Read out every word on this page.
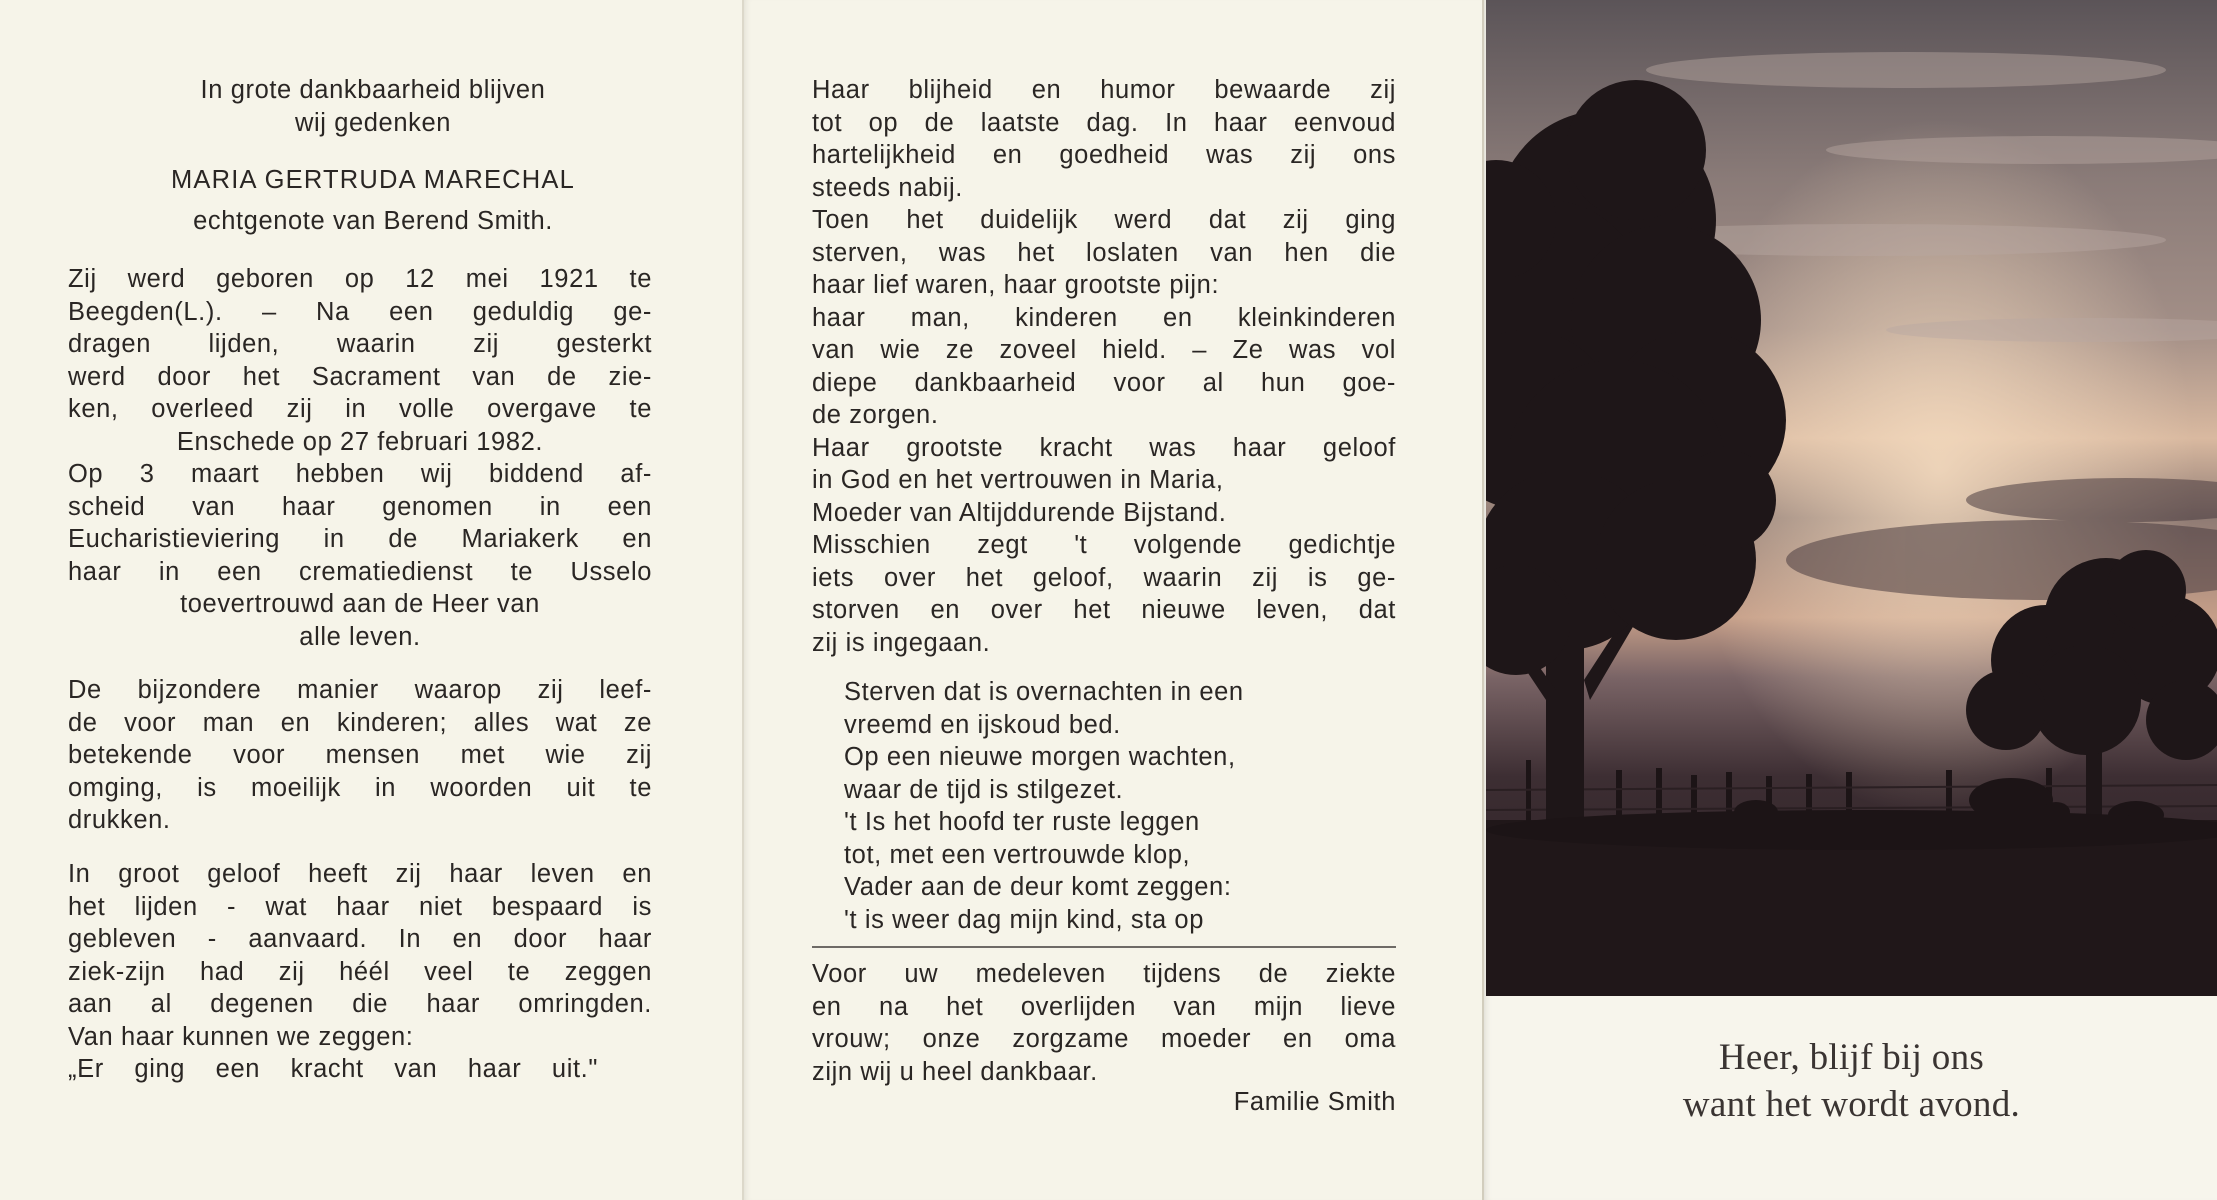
In grote dankbaarheid blijven
wij gedenken
MARIA GERTRUDA MARECHAL
echtgenote van Berend Smith.
Zij werd geboren op 12 mei 1921 te
Beegden(L.). – Na een geduldig ge-
dragen lijden, waarin zij gesterkt
werd door het Sacrament van de zie-
ken, overleed zij in volle overgave te
Enschede op 27 februari 1982.
Op 3 maart hebben wij biddend af-
scheid van haar genomen in een
Eucharistieviering in de Mariakerk en
haar in een crematiedienst te Usselo
toevertrouwd aan de Heer van
alle leven.
De bijzondere manier waarop zij leef-
de voor man en kinderen; alles wat ze
betekende voor mensen met wie zij
omging, is moeilijk in woorden uit te
drukken.
In groot geloof heeft zij haar leven en
het lijden - wat haar niet bespaard is
gebleven - aanvaard. In en door haar
ziek-zijn had zij héél veel te zeggen
aan al degenen die haar omringden.
Van haar kunnen we zeggen:
„Er ging een kracht van haar uit."
Haar blijheid en humor bewaarde zij
tot op de laatste dag. In haar eenvoud
hartelijkheid en goedheid was zij ons
steeds nabij.
Toen het duidelijk werd dat zij ging
sterven, was het loslaten van hen die
haar lief waren, haar grootste pijn:
haar man, kinderen en kleinkinderen
van wie ze zoveel hield. – Ze was vol
diepe dankbaarheid voor al hun goe-
de zorgen.
Haar grootste kracht was haar geloof
in God en het vertrouwen in Maria,
Moeder van Altijddurende Bijstand.
Misschien zegt 't volgende gedichtje
iets over het geloof, waarin zij is ge-
storven en over het nieuwe leven, dat
zij is ingegaan.
Sterven dat is overnachten in een
vreemd en ijskoud bed.
Op een nieuwe morgen wachten,
waar de tijd is stilgezet.
't Is het hoofd ter ruste leggen
tot, met een vertrouwde klop,
Vader aan de deur komt zeggen:
't is weer dag mijn kind, sta op
Voor uw medeleven tijdens de ziekte
en na het overlijden van mijn lieve
vrouw; onze zorgzame moeder en oma
zijn wij u heel dankbaar.
Familie Smith
Heer, blijf bij ons
want het wordt avond.
